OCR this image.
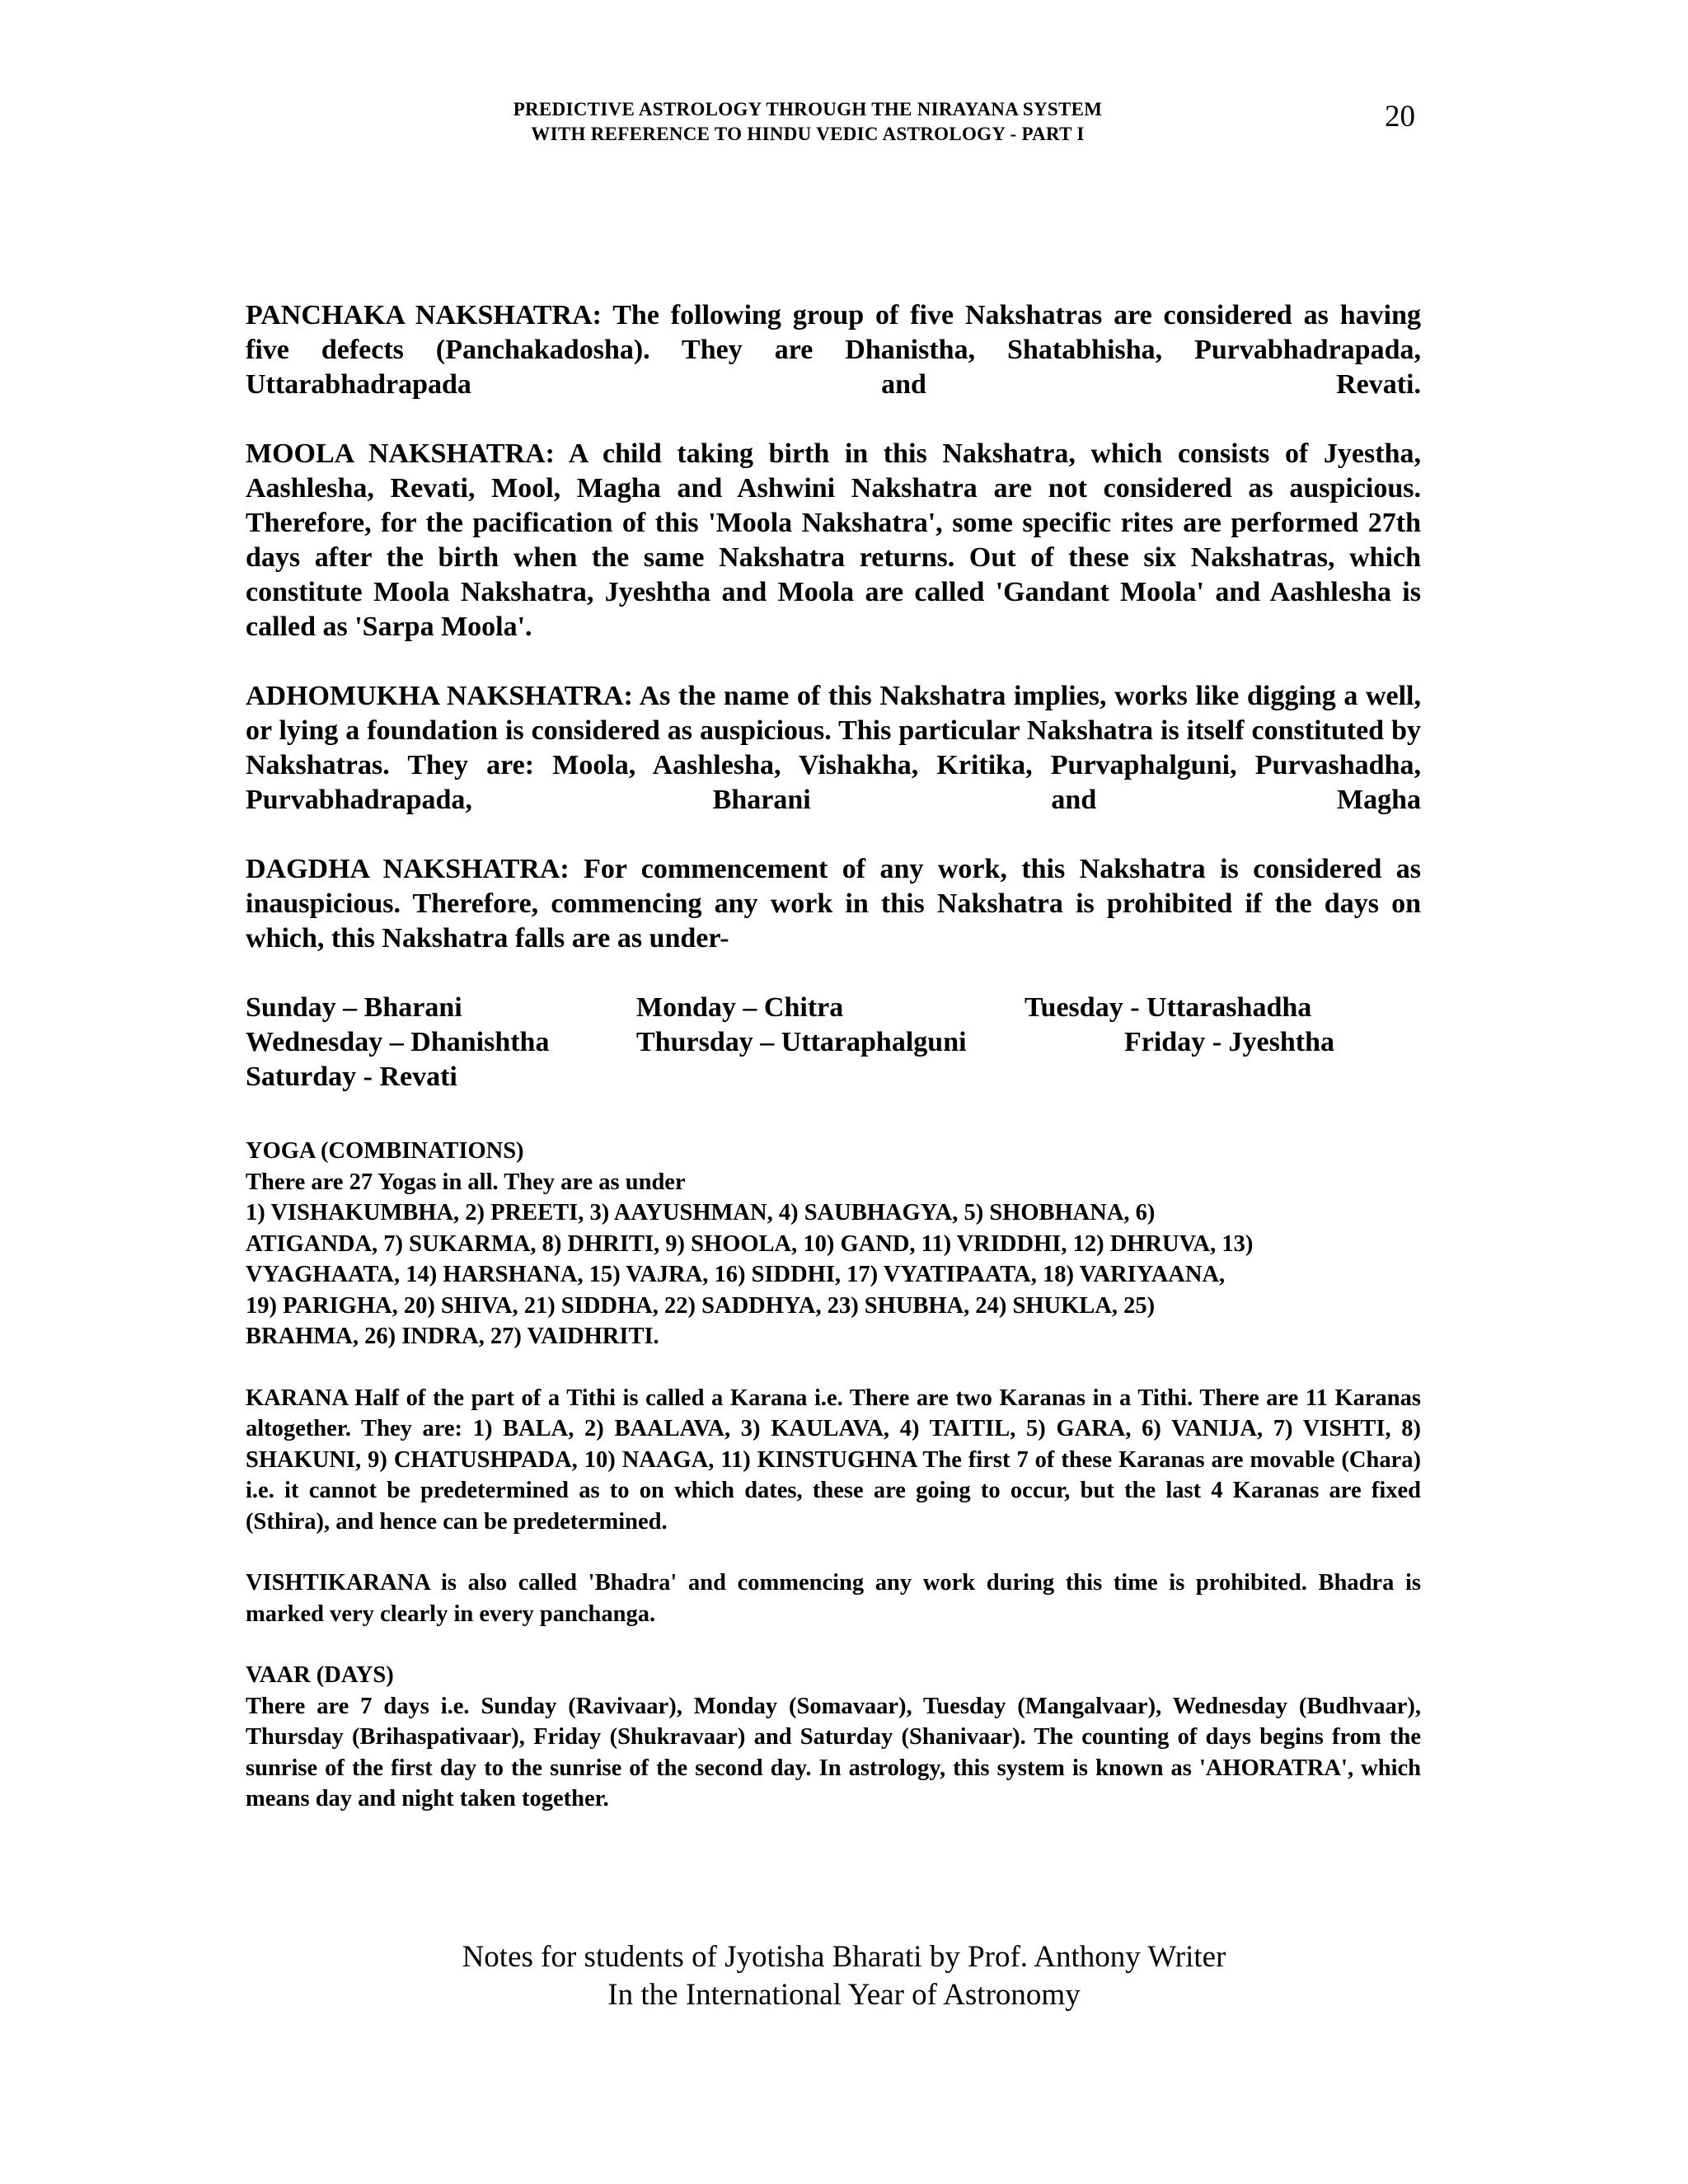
PREDICTIVE ASTROLOGY THROUGH THE NIRAYANA SYSTEM
WITH REFERENCE TO HINDU VEDIC ASTROLOGY - PART I
20

PANCHAKA NAKSHATRA: The following group of five Nakshatras are considered as having five defects (Panchakadosha). They are Dhanistha, Shatabhisha, Purvabhadrapada, Uttarabhadrapada and Revati.

MOOLA NAKSHATRA: A child taking birth in this Nakshatra, which consists of Jyestha, Aashlesha, Revati, Mool, Magha and Ashwini Nakshatra are not considered as auspicious. Therefore, for the pacification of this 'Moola Nakshatra', some specific rites are performed 27th days after the birth when the same Nakshatra returns. Out of these six Nakshatras, which constitute Moola Nakshatra, Jyeshtha and Moola are called 'Gandant Moola' and Aashlesha is called as 'Sarpa Moola'.

ADHOMUKHA NAKSHATRA: As the name of this Nakshatra implies, works like digging a well, or lying a foundation is considered as auspicious. This particular Nakshatra is itself constituted by Nakshatras. They are: Moola, Aashlesha, Vishakha, Kritika, Purvaphalguni, Purvashadha, Purvabhadrapada, Bharani and Magha

DAGDHA NAKSHATRA: For commencement of any work, this Nakshatra is considered as inauspicious. Therefore, commencing any work in this Nakshatra is prohibited if the days on which, this Nakshatra falls are as under-

Sunday – Bharani	Monday – Chitra	Tuesday - Uttarashadha
Wednesday – Dhanishtha	Thursday – Uttaraphalguni	Friday - Jyeshtha
Saturday - Revati

YOGA (COMBINATIONS)

There are 27 Yogas in all. They are as under

1) VISHAKUMBHA, 2) PREETI, 3) AAYUSHMAN, 4) SAUBHAGYA, 5) SHOBHANA, 6)

ATIGANDA, 7) SUKARMA, 8) DHRITI, 9) SHOOLA, 10) GAND, 11) VRIDDHI, 12) DHRUVA, 13)

VYAGHAATA, 14) HARSHANA, 15) VAJRA, 16) SIDDHI, 17) VYATIPAATA, 18) VARIYAANA,

19) PARIGHA, 20) SHIVA, 21) SIDDHA, 22) SADDHYA, 23) SHUBHA, 24) SHUKLA, 25)

BRAHMA, 26) INDRA, 27) VAIDHRITI.

KARANA Half of the part of a Tithi is called a Karana i.e. There are two Karanas in a Tithi. There are 11 Karanas altogether. They are: 1) BALA, 2) BAALAVA, 3) KAULAVA, 4) TAITIL, 5) GARA, 6) VANIJA, 7) VISHTI, 8) SHAKUNI, 9) CHATUSHPADA, 10) NAAGA, 11) KINSTUGHNA The first 7 of these Karanas are movable (Chara) i.e. it cannot be predetermined as to on which dates, these are going to occur, but the last 4 Karanas are fixed (Sthira), and hence can be predetermined.

VISHTIKARANA is also called 'Bhadra' and commencing any work during this time is prohibited. Bhadra is marked very clearly in every panchanga.

VAAR (DAYS)

There are 7 days i.e. Sunday (Ravivaar), Monday (Somavaar), Tuesday (Mangalvaar), Wednesday (Budhvaar), Thursday (Brihaspativaar), Friday (Shukravaar) and Saturday (Shanivaar). The counting of days begins from the sunrise of the first day to the sunrise of the second day. In astrology, this system is known as 'AHORATRA', which means day and night taken together.

Notes for students of Jyotisha Bharati by Prof. Anthony Writer
In the International Year of Astronomy
